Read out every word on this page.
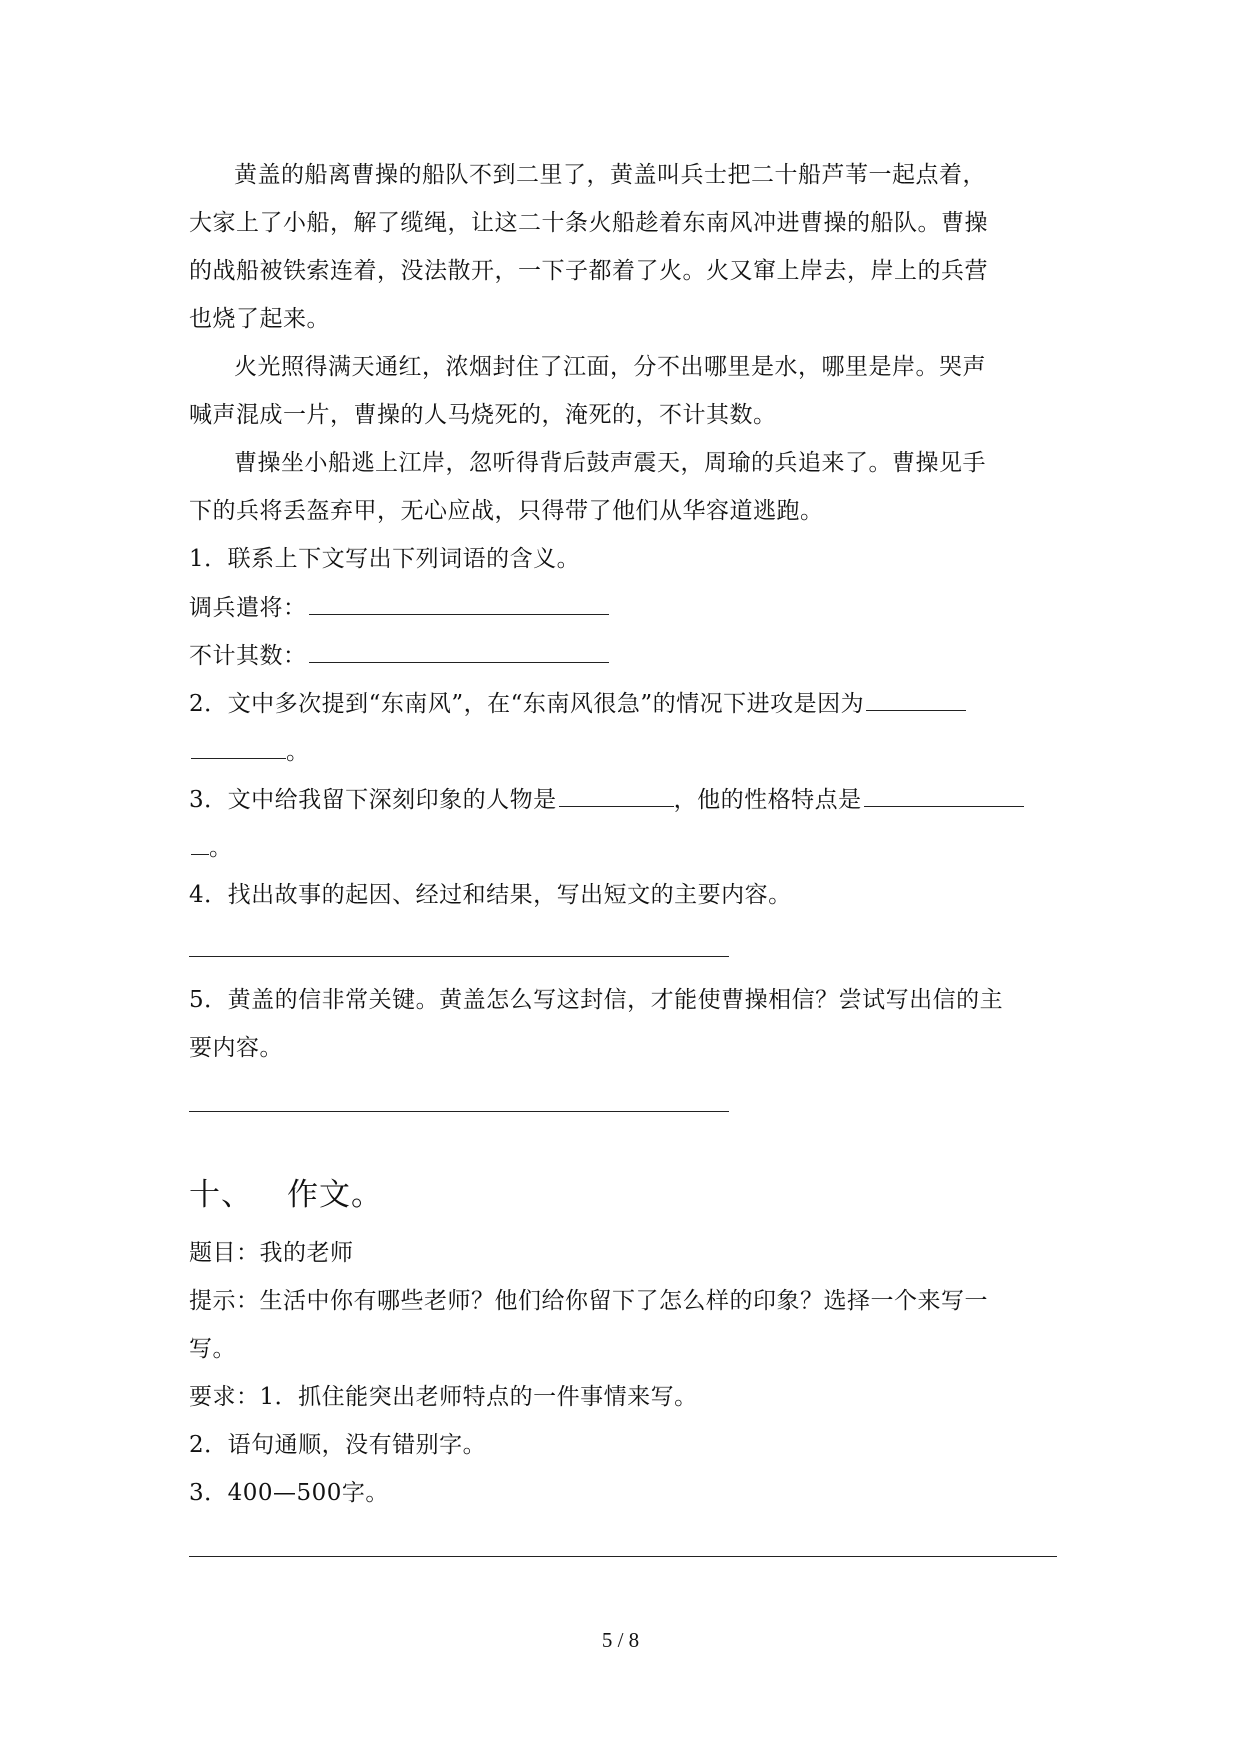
黄盖的船离曹操的船队不到二里了，黄盖叫兵士把二十船芦苇一起点着，
大家上了小船，解了缆绳，让这二十条火船趁着东南风冲进曹操的船队。曹操
的战船被铁索连着，没法散开，一下子都着了火。火又窜上岸去，岸上的兵营
也烧了起来。
火光照得满天通红，浓烟封住了江面，分不出哪里是水，哪里是岸。哭声
喊声混成一片，曹操的人马烧死的，淹死的，不计其数。
曹操坐小船逃上江岸，忽听得背后鼓声震天，周瑜的兵追来了。曹操见手
下的兵将丢盔弃甲，无心应战，只得带了他们从华容道逃跑。
1．联系上下文写出下列词语的含义。
调兵遣将：
不计其数：
2．文中多次提到“东南风”，在“东南风很急”的情况下进攻是因为
。
3．文中给我留下深刻印象的人物是	，他的性格特点是
。
4．找出故事的起因、经过和结果，写出短文的主要内容。
5．黄盖的信非常关键。黄盖怎么写这封信，才能使曹操相信？尝试写出信的主
要内容。
十、 作文。
题目：我的老师
提示：生活中你有哪些老师？他们给你留下了怎么样的印象？选择一个来写一
写。
要求：1．抓住能突出老师特点的一件事情来写。
2．语句通顺，没有错别字。
3．400—500字。
5 / 8
